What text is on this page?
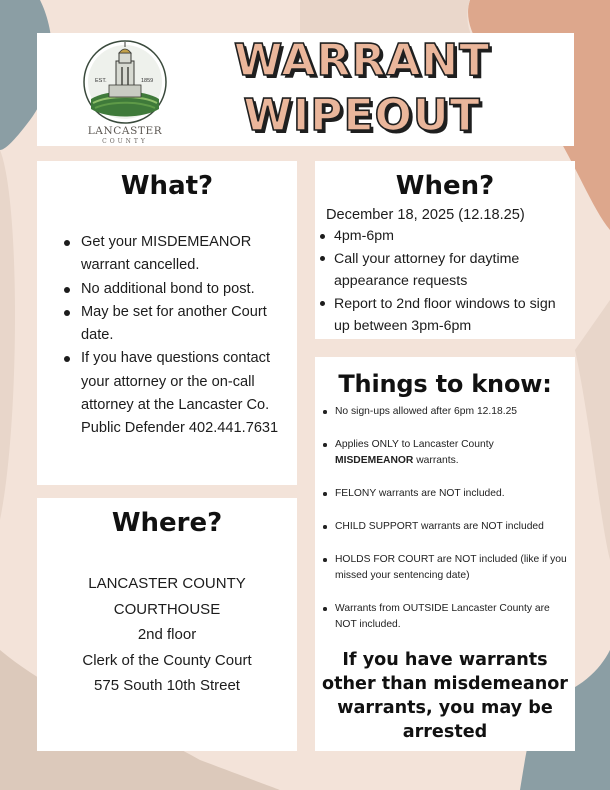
EST.	1859
LANCASTER
COUNTY
WARRANT
WIPEOUT
What?
Get your MISDEMEANOR warrant cancelled.
No additional bond to post.
May be set for another Court date.
If you have questions contact your attorney or the on-call attorney at the Lancaster Co. Public Defender 402.441.7631
When?
December 18, 2025 (12.18.25)
4pm-6pm
Call your attorney for daytime appearance requests
Report to 2nd floor windows to sign up between 3pm-6pm
Things to know:
No sign-ups allowed after 6pm 12.18.25
Applies ONLY to Lancaster County MISDEMEANOR warrants.
FELONY warrants are NOT included.
CHILD SUPPORT warrants are NOT included
HOLDS FOR COURT are NOT included (like if you missed your sentencing date)
Warrants from OUTSIDE Lancaster County are NOT included.
If you have warrants other than misdemeanor warrants, you may be arrested
Where?
LANCASTER COUNTY
COURTHOUSE
2nd floor
Clerk of the County Court
575 South 10th Street
